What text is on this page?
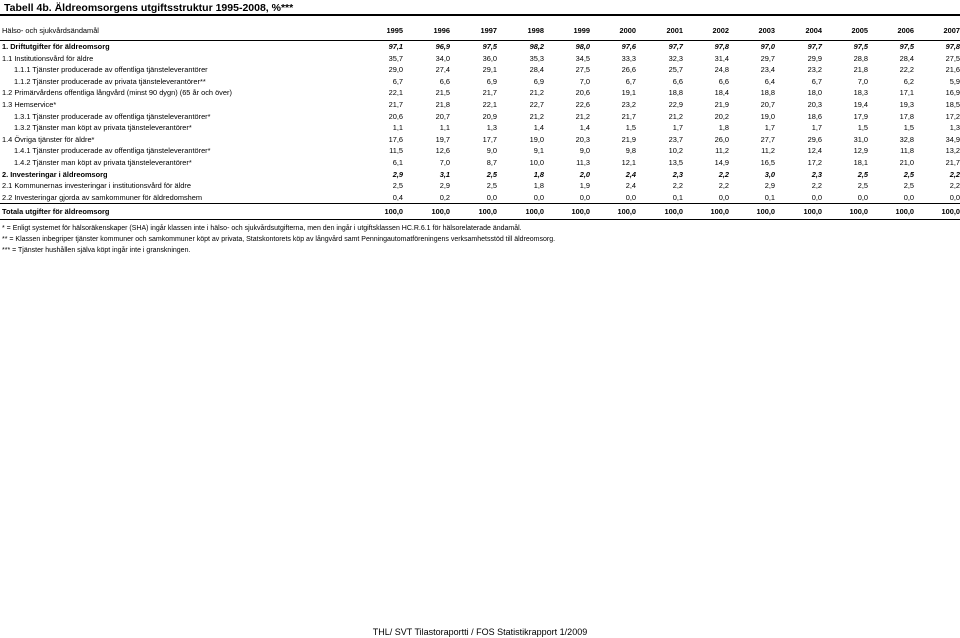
Tabell 4b. Äldreomsorgens utgiftsstruktur 1995-2008, %***
Hälso- och sjukvårdsändamål	1995	1996	1997	1998	1999	2000	2001	2002	2003	2004	2005	2006	2007

1. Driftutgifter för äldreomsorg	97,1	96,9	97,5	98,2	98,0	97,6	97,7	97,8	97,0	97,7	97,5	97,5	97,8
1.1 Institutionsvård för äldre	35,7	34,0	36,0	35,3	34,5	33,3	32,3	31,4	29,7	29,9	28,8	28,4	27,5
1.1.1 Tjänster producerade av offentliga tjänsteleverantörer	29,0	27,4	29,1	28,4	27,5	26,6	25,7	24,8	23,4	23,2	21,8	22,2	21,6
1.1.2 Tjänster producerade av privata tjänsteleverantörer**	6,7	6,6	6,9	6,9	7,0	6,7	6,6	6,6	6,4	6,7	7,0	6,2	5,9
1.2 Primärvårdens offentliga långvård (minst 90 dygn) (65 år och över)	22,1	21,5	21,7	21,2	20,6	19,1	18,8	18,4	18,8	18,0	18,3	17,1	16,9
1.3 Hemservice*	21,7	21,8	22,1	22,7	22,6	23,2	22,9	21,9	20,7	20,3	19,4	19,3	18,5
1.3.1 Tjänster producerade av offentliga tjänsteleverantörer*	20,6	20,7	20,9	21,2	21,2	21,7	21,2	20,2	19,0	18,6	17,9	17,8	17,2
1.3.2 Tjänster man köpt av privata tjänsteleverantörer*	1,1	1,1	1,3	1,4	1,4	1,5	1,7	1,8	1,7	1,7	1,5	1,5	1,3
1.4 Övriga tjänster för äldre*	17,6	19,7	17,7	19,0	20,3	21,9	23,7	26,0	27,7	29,6	31,0	32,8	34,9
1.4.1 Tjänster producerade av offentliga tjänsteleverantörer*	11,5	12,6	9,0	9,1	9,0	9,8	10,2	11,2	11,2	12,4	12,9	11,8	13,2
1.4.2 Tjänster man köpt av privata tjänsteleverantörer*	6,1	7,0	8,7	10,0	11,3	12,1	13,5	14,9	16,5	17,2	18,1	21,0	21,7
2. Investeringar i äldreomsorg	2,9	3,1	2,5	1,8	2,0	2,4	2,3	2,2	3,0	2,3	2,5	2,5	2,2
2.1 Kommunernas investeringar i institutionsvård för äldre	2,5	2,9	2,5	1,8	1,9	2,4	2,2	2,2	2,9	2,2	2,5	2,5	2,2
2.2 Investeringar gjorda av samkommuner för äldredomshem	0,4	0,2	0,0	0,0	0,0	0,0	0,1	0,0	0,1	0,0	0,0	0,0	0,0
Totala utgifter för äldreomsorg	100,0	100,0	100,0	100,0	100,0	100,0	100,0	100,0	100,0	100,0	100,0	100,0	100,0
* = Enligt systemet för hälsoräkenskaper (SHA) ingår klassen inte i hälso- och sjukvårdsutgifterna, men den ingår i utgiftsklassen HC.R.6.1 för hälsorelaterade ändamål.
** = Klassen inbegriper tjänster kommuner och samkommuner köpt av privata, Statskontorets köp av långvård samt Penningautomatföreningens verksamhetsstöd till äldreomsorg.
*** = Tjänster hushållen själva köpt ingår inte i granskningen.
THL/ SVT Tilastoraportti / FOS Statistikrapport 1/2009
